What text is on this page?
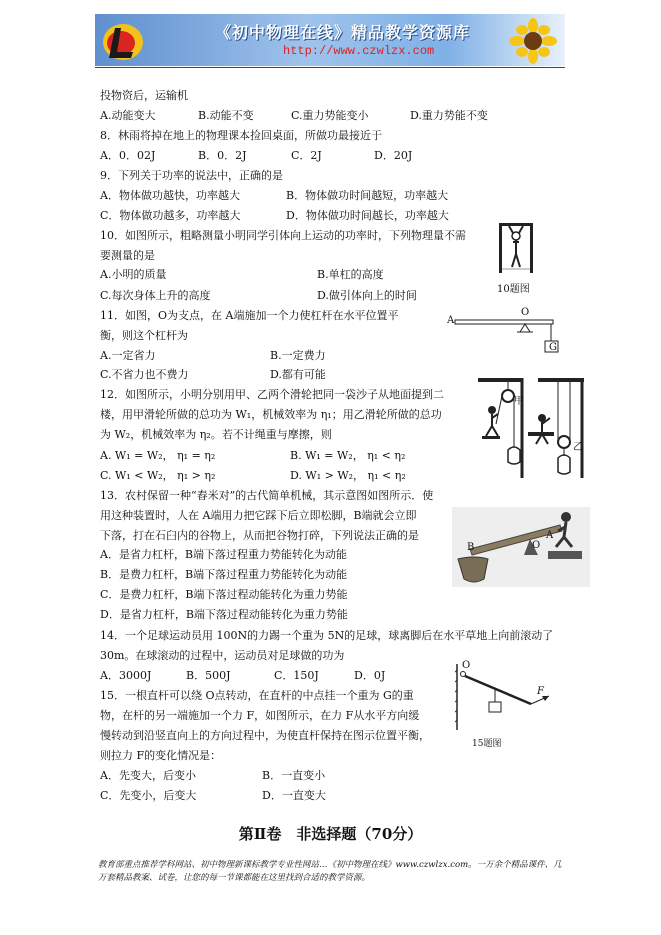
《初中物理在线》精品教学资源库
http://www.czwlzx.com
投物资后，运输机
A.动能变大	B.动能不变	C.重力势能变小	D.重力势能不变
8．林雨将掉在地上的物理课本捡回桌面，所做功最接近于
A．0．02J	B．0．2J	C．2J	D．20J
9．下列关于功率的说法中，正确的是
A．物体做功越快，功率越大	B．物体做功时间越短，功率越大
C．物体做功越多，功率越大	D．物体做功时间越长，功率越大
10．如图所示，粗略测量小明同学引体向上运动的功率时，下列物理量不需
要测量的是
A.小明的质量	B.单杠的高度
C.每次身体上升的高度	D.做引体向上的时间
11．如图，O为支点，在 A端施加一个力使杠杆在水平位置平
衡，则这个杠杆为
A.一定省力	B.一定费力
C.不省力也不费力	D.都有可能
12．如图所示，小明分别用甲、乙两个滑轮把同一袋沙子从地面提到二
楼，用甲滑轮所做的总功为 W₁，机械效率为 η₁；用乙滑轮所做的总功
为 W₂，机械效率为 η₂。若不计绳重与摩擦，则
A. W₁ = W₂， η₁ = η₂	B. W₁ = W₂， η₁ < η₂
C. W₁ < W₂， η₁ > η₂	D. W₁ > W₂， η₁ < η₂
13．农村保留一种“舂米对”的古代简单机械，其示意图如图所示．使
用这种装置时，人在 A端用力把它踩下后立即松脚，B端就会立即
下落，打在石臼内的谷物上，从而把谷物打碎，下列说法正确的是
A．是省力杠杆，B端下落过程重力势能转化为动能
B．是费力杠杆，B端下落过程重力势能转化为动能
C．是费力杠杆，B端下落过程动能转化为重力势能
D．是省力杠杆，B端下落过程动能转化为重力势能
14．一个足球运动员用 100N的力踢一个重为 5N的足球，球离脚后在水平草地上向前滚动了
30m。在球滚动的过程中，运动员对足球做的功为
A．3000J	B．500J	C．150J	D．0J
15．一根直杆可以绕 O点转动，在直杆的中点挂一个重为 G的重
物，在杆的另一端施加一个力 F，如图所示，在力 F从水平方向缓
慢转动到沿竖直向上的方向过程中，为使直杆保持在图示位置平衡，
则拉力 F的变化情况是：
A．先变大，后变小	B．一直变小
C．先变小，后变大	D．一直变大
10题图
A
O
G
甲
乙
B	O
A
O
F
15题图
第Ⅱ卷　非选择题（70分）
教育部重点推荐学科网站、初中物理新课标教学专业性网站…《初中物理在线》www.czwlzx.com。一万余个精品课件、几万套精品教案、试卷，让您的每一节课都能在这里找到合适的教学资源。
